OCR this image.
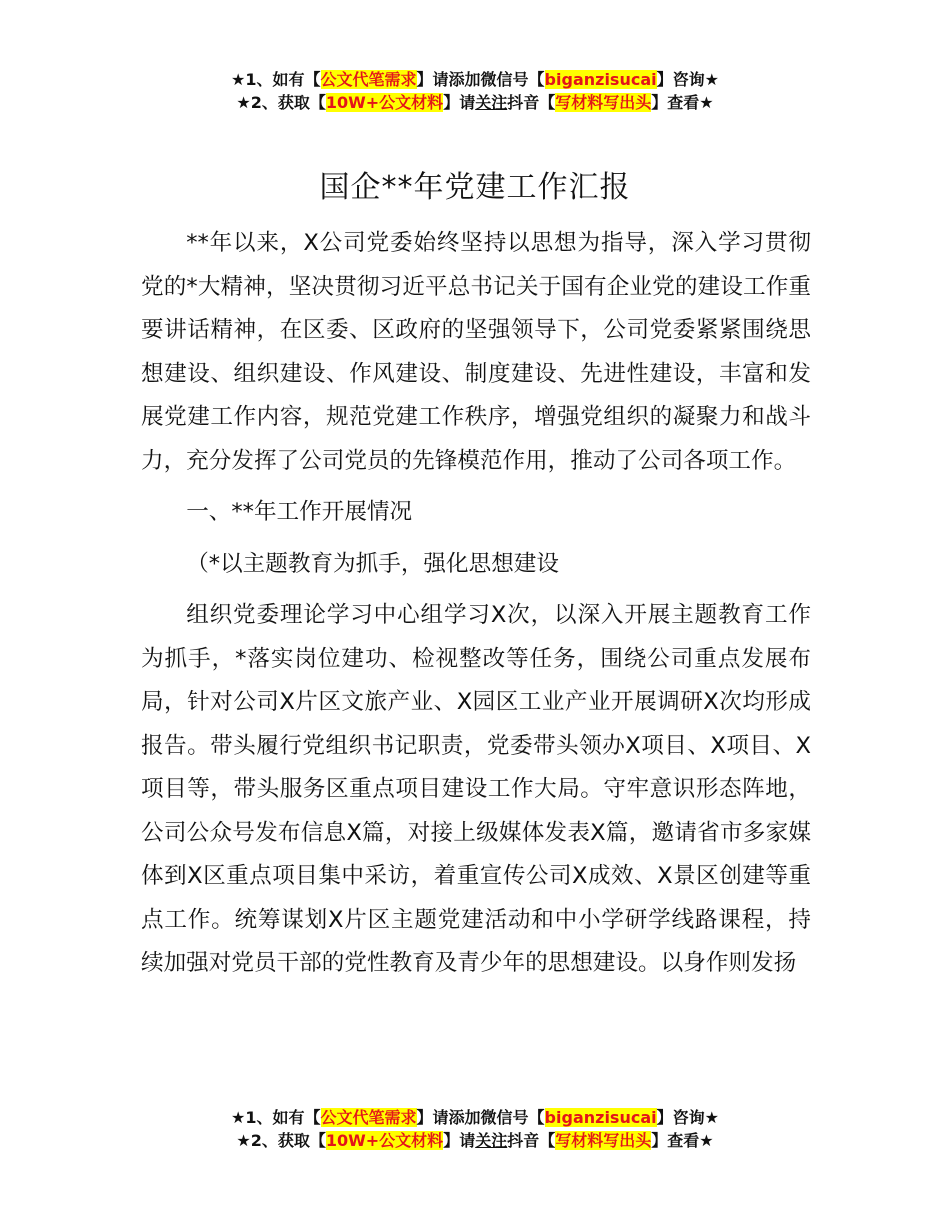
★1、如有【公文代笔需求】请添加微信号【biganzisucai】咨询★
★2、获取【10W+公文材料】请关注抖音【写材料写出头】查看★
国企**年党建工作汇报

**年以来，X公司党委始终坚持以思想为指导，深入学习贯彻党的*大精神，坚决贯彻习近平总书记关于国有企业党的建设工作重要讲话精神，在区委、区政府的坚强领导下，公司党委紧紧围绕思想建设、组织建设、作风建设、制度建设、先进性建设，丰富和发展党建工作内容，规范党建工作秩序，增强党组织的凝聚力和战斗力，充分发挥了公司党员的先锋模范作用，推动了公司各项工作。

一、**年工作开展情况

（*以主题教育为抓手，强化思想建设

组织党委理论学习中心组学习X次，以深入开展主题教育工作为抓手，*落实岗位建功、检视整改等任务，围绕公司重点发展布局，针对公司X片区文旅产业、X园区工业产业开展调研X次均形成报告。带头履行党组织书记职责，党委带头领办X项目、X项目、X项目等，带头服务区重点项目建设工作大局。守牢意识形态阵地，公司公众号发布信息X篇，对接上级媒体发表X篇，邀请省市多家媒体到X区重点项目集中采访，着重宣传公司X成效、X景区创建等重点工作。统筹谋划X片区主题党建活动和中小学研学线路课程，持续加强对党员干部的党性教育及青少年的思想建设。以身作则发扬

★1、如有【公文代笔需求】请添加微信号【biganzisucai】咨询★
★2、获取【10W+公文材料】请关注抖音【写材料写出头】查看★
